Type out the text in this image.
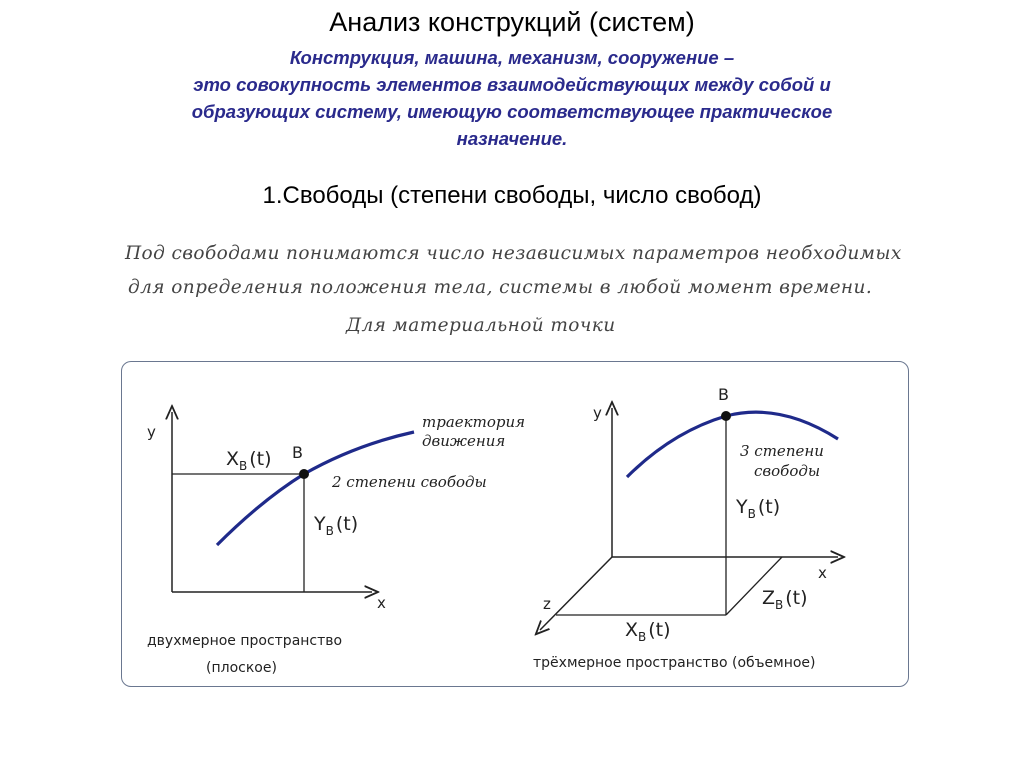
Анализ конструкций (систем)
Конструкция, машина, механизм, сооружение –
это совокупность элементов взаимодействующих между собой и
образующих систему, имеющую соответствующее практическое
назначение.
1.Свободы (степени свободы, число свобод)
Под свободами понимаются число независимых параметров необходимых
для определения положения тела, системы в любой момент времени.
Для материальной точки
y
x
$X_B$ (t) B
$Y_B$ (t)
траектория
движения
2 степени свободы
двухмерное пространство
(плоское)
y
x
z
B
3 степени
свободы
$Y_B$ (t)
$Z_B$ (t)
$X_B$ (t)
трёхмерное пространство (объемное)
